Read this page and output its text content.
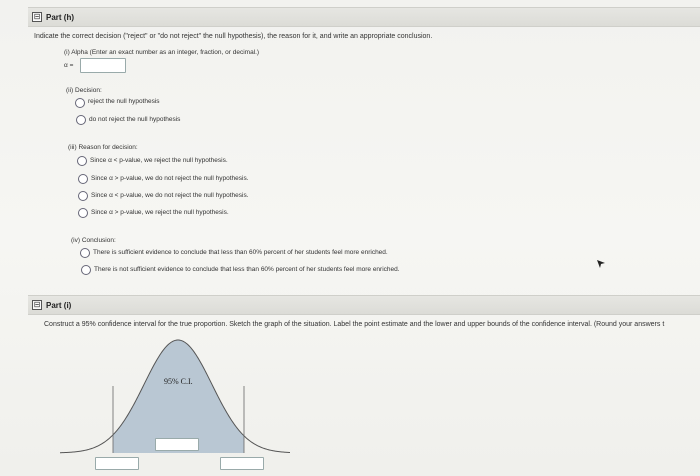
⊟ Part (h)
Indicate the correct decision ("reject" or "do not reject" the null hypothesis), the reason for it, and write an appropriate conclusion.
(i) Alpha (Enter an exact number as an integer, fraction, or decimal.)
α =
(ii) Decision:
reject the null hypothesis
do not reject the null hypothesis
(iii) Reason for decision:
Since α < p-value, we reject the null hypothesis.
Since α > p-value, we do not reject the null hypothesis.
Since α < p-value, we do not reject the null hypothesis.
Since α > p-value, we reject the null hypothesis.
(iv) Conclusion:
There is sufficient evidence to conclude that less than 60% percent of her students feel more enriched.
There is not sufficient evidence to conclude that less than 60% percent of her students feel more enriched.
⊟ Part (i)
Construct a 95% confidence interval for the true proportion. Sketch the graph of the situation. Label the point estimate and the lower and upper bounds of the confidence interval. (Round your answers t
95% C.I.
